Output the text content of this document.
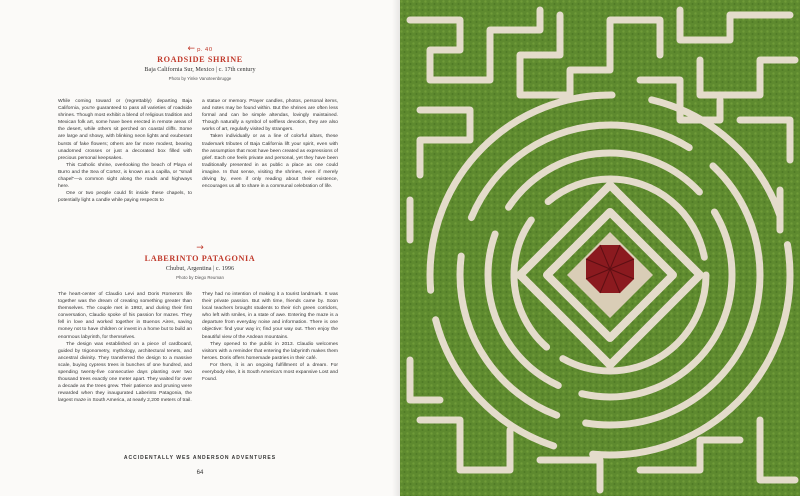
← p. 40
ROADSIDE SHRINE
Baja California Sur, Mexico | c. 17th century
Photo by Yinke Vanoteenbrugge

While coming toward or (regrettably) departing Baja California, you're guaranteed to pass all varieties of roadside shrines. Though most exhibit a blend of religious tradition and Mexican folk art, some have been erected in remote areas of the desert, while others sit perched on coastal cliffs. Some are large and showy, with blinking neon lights and exuberant bursts of fake flowers; others are far more modest, bearing unadorned crosses or just a decorated box filled with precious personal keepsakes.

This Catholic shrine, overlooking the beach of Playa el Burro and the Sea of Cortez, is known as a capilla, or "small chapel"—a common sight along the roads and highways here.

One or two people could fit inside these chapels, to potentially light a candle while paying respects to

a statue or memory. Prayer candles, photos, personal items, and notes may be found within. But the shrines are often less formal and can be simple altendas, lovingly maintained. Though naturally a symbol of selfless devotion, they are also works of art, regularly visited by strangers.

Taken individually or as a line of colorful altars, these trademark tributes of Baja California lift your spirit, even with the assumption that most have been created as expressions of grief. Each one feels private and personal, yet they have been traditionally presented in as public a place as one could imagine. In that sense, visiting the shrines, even if merely driving by, even if only reading about their existence, encourages us all to share in a communal celebration of life.

→
LABERINTO PATAGONIA
Chubut, Argentina | c. 1996
Photo by Diego Reuman

The heart-center of Claudio Levi and Doris Romera's life together was the dream of creating something greater than themselves. The couple met in 1992, and during their first conversation, Claudio spoke of his passion for mazes. They fell in love and worked together in Buenos Aires, saving money not to have children or invest in a home but to build an enormous labyrinth, for themselves.

The design was established on a piece of cardboard, guided by trigonometry, mythology, architectural tenets, and ancestral divinity. They transferred the design to a massive scale, buying cypress trees in bunches of one hundred, and spending twenty-five consecutive days planting over two thousand trees exactly one meter apart. They waited for over a decade as the trees grew. Their patience and pruning were rewarded when they inaugurated Laberinto Patagonia, the largest maze in South America, at nearly 2,200 meters of trail.

They had no intention of making it a tourist landmark. It was their private passion. But with time, friends came by. Soon local teachers brought students to their rich green corridors, who left with smiles, in a state of awe. Entering the maze is a departure from everyday noise and information. There is one objective: find your way in; find your way out. Then enjoy the beautiful view of the Andean mountains.

They opened to the public in 2013. Claudio welcomes visitors with a reminder that entering the labyrinth makes them heroes. Doris offers homemade pastries in their café.

For them, it is an ongoing fulfillment of a dream. For everybody else, it is South America's most expansive Lost and Found.

ACCIDENTALLY WES ANDERSON ADVENTURES
64
